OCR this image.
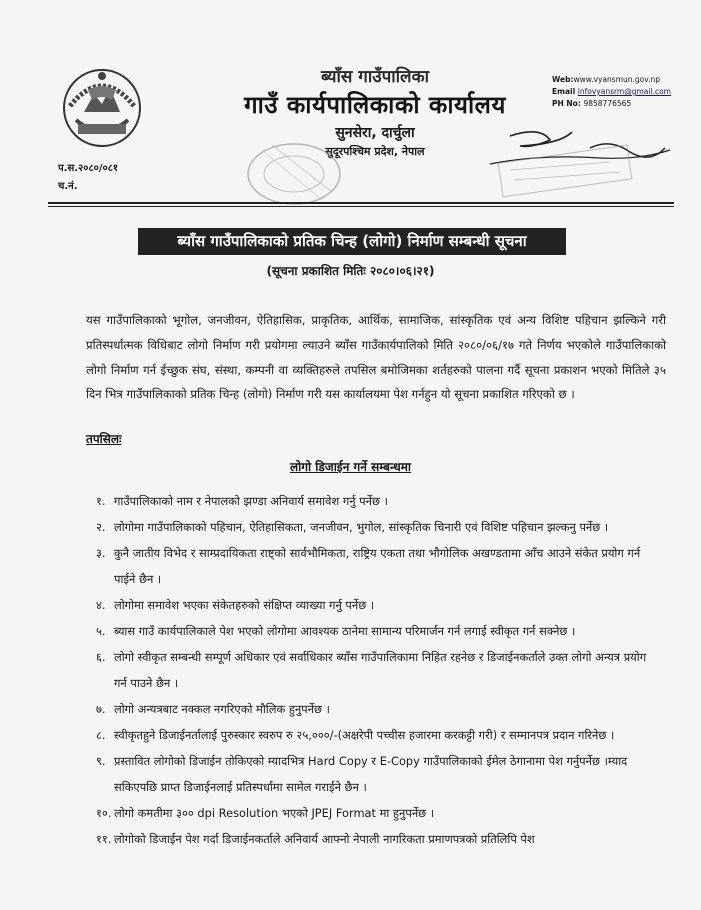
प.स.२०८०/०८१
च.नं.
ब्याँस गाउँपालिका
गाउँ कार्यपालिकाको कार्यालय
सुनसेरा, दार्चुला
सुदूरपश्चिम प्रदेश, नेपाल
Web:www.vyansmun.gov.np
Email infovyansrm@gmail.com
PH No: 9858776565
ब्याँस गाउँपालिकाको प्रतिक चिन्ह (लोगो) निर्माण सम्बन्धी सूचना
(सूचना प्रकाशित मितिः २०८०।०६।२१)
यस गाउँपालिकाको भूगोल, जनजीवन, ऐतिहासिक, प्राकृतिक, आर्थिक, सामाजिक, सांस्कृतिक एवं अन्य विशिष्ट पहिचान झल्किने गरी प्रतिस्पर्धात्मक विधिबाट लोगो निर्माण गरी प्रयोगमा ल्याउने ब्याँस गाउँकार्यपालिको मिति २०८०/०६/१७ गते निर्णय भएकोले गाउँपालिकाको लोगो निर्माण गर्न ईच्छुक संघ, संस्था, कम्पनी वा व्यक्तिहरुले तपसिल बमोजिमका शर्तहरुको पालना गर्दै सूचना प्रकाशन भएको मितिले ३५ दिन भित्र गाउँपालिकाको प्रतिक चिन्ह (लोगो) निर्माण गरी यस कार्यालयमा पेश गर्नहुन यो सूचना प्रकाशित गरिएको छ ।
तपसिलः
लोगो डिजाईन गर्ने सम्बन्धमा
१. गाउँपालिकाको नाम र नेपालको झण्डा अनिवार्य समावेश गर्नु पर्नेछ ।
२. लोगोमा गाउँपालिकाको पहिचान, ऐतिहासिकता, जनजीवन, भुगोल, सांस्कृतिक चिनारी एवं विशिष्ट पहिचान झल्कनु पर्नेछ ।
३. कुनै जातीय विभेद र साम्प्रदायिकता राष्ट्को सार्वभौमिकता, राष्ट्रिय एकता तथा भौगोलिक अखण्डतामा आँच आउने संकेत प्रयोग गर्न पाईने छैन ।
४. लोगोमा समावेश भएका संकेतहरुको संक्षिप्त व्याख्या गर्नु पर्नेछ ।
५. ब्यास गाउँ कार्यपालिकाले पेश भएको लोगोमा आवश्यक ठानेमा सामान्य परिमार्जन गर्न लगाई स्वीकृत गर्न सक्नेछ ।
६. लोगो स्वीकृत सम्बन्धी सम्पूर्ण अधिकार एवं सर्वाधिकार ब्याँस गाउँपालिकामा निहित रहनेछ र डिजाईनकर्ताले उक्त लोगो अन्यत्र प्रयोग गर्न पाउने छैन ।
७. लोगो अन्यत्रबाट नक्कल नगरिएको मौलिक हुनुपर्नेछ ।
८. स्वीकृतहुने डिजाईनर्तालाई पुरुस्कार स्वरुप रु २५,०००/-(अक्षरेपी पच्चीस हजारमा करकट्टी गरी) र सम्मानपत्र प्रदान गरिनेछ ।
९. प्रस्तावित लोगोको डिजाईन तोकिएको म्यादभित्र Hard Copy र E-Copy गाउँपालिकाको ईमेल ठेगानामा पेश गर्नुपर्नेछ ।म्याद सकिएपछि प्राप्त डिजाईनलाई प्रतिस्पर्धामा सामेल गराईने छैन ।
१०. लोगो कमतीमा ३०० dpi Resolution भएको JPEJ Format मा हुनुपर्नेछ ।
११. लोगोको डिजाईन पेश गर्दा डिजाईनकर्ताले अनिवार्य आफ्नो नेपाली नागरिकता प्रमाणपत्रको प्रतिलिपि पेश
